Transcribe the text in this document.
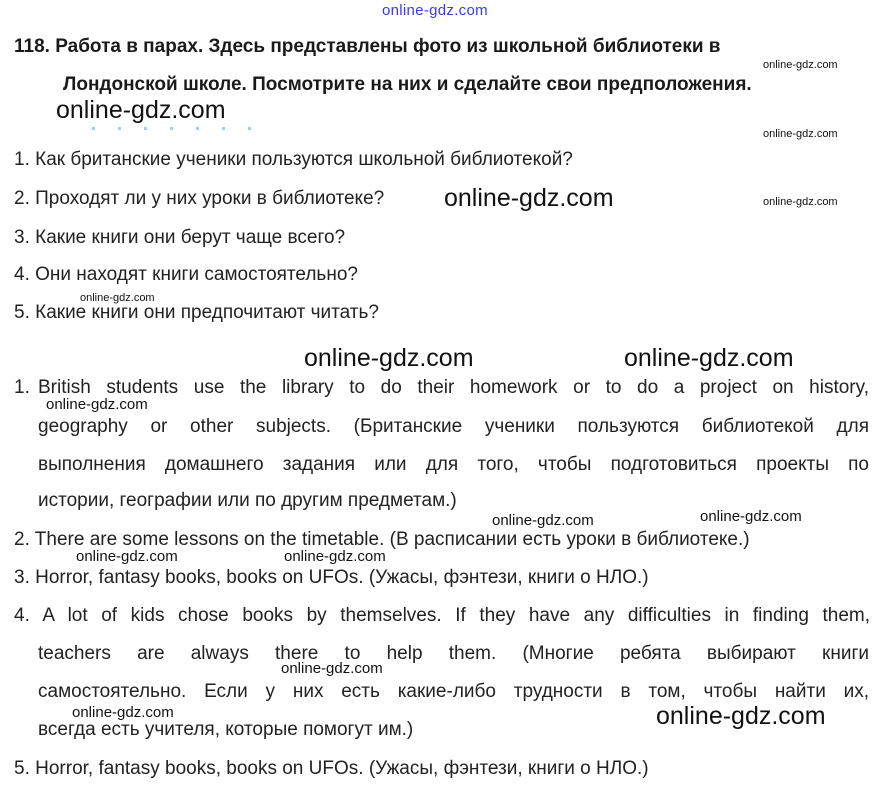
online-gdz.com
118. Работа в парах. Здесь представлены фото из школьной библиотеки в
Лондонской школе. Посмотрите на них и сделайте свои предположения.
1. Как британские ученики пользуются школьной библиотекой?
2. Проходят ли у них уроки в библиотеке?
3. Какие книги они берут чаще всего?
4. Они находят книги самостоятельно?
5. Какие книги они предпочитают читать?
1. British students use the library to do their homework or to do a project on history,
geography or other subjects. (Британские ученики пользуются библиотекой для
выполнения домашнего задания или для того, чтобы подготовиться проекты по
истории, географии или по другим предметам.)
2. There are some lessons on the timetable. (В расписании есть уроки в библиотеке.)
3. Horror, fantasy books, books on UFOs. (Ужасы, фэнтези, книги о НЛО.)
4. A lot of kids chose books by themselves. If they have any difficulties in finding them,
teachers are always there to help them. (Многие ребята выбирают книги
самостоятельно. Если у них есть какие-либо трудности в том, чтобы найти их,
всегда есть учителя, которые помогут им.)
5. Horror, fantasy books, books on UFOs. (Ужасы, фэнтези, книги о НЛО.)
online-gdz.com
online-gdz.com
online-gdz.com	online-gdz.com
online-gdz.com
online-gdz.com
online-gdz.com	online-gdz.com
online-gdz.com	online-gdz.com
online-gdz.com
online-gdz.com
online-gdz.com
online-gdz.com
online-gdz.com
online-gdz.com
